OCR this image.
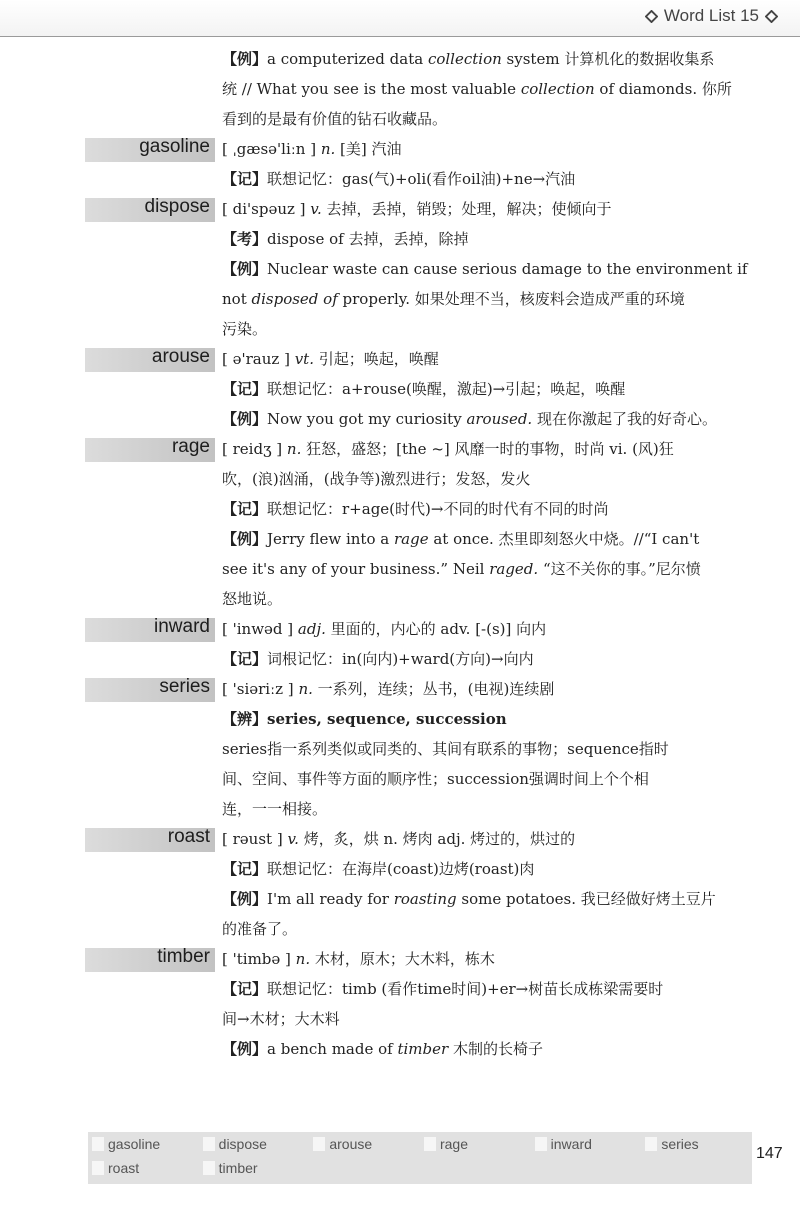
Word List 15
【例】a computerized data collection system 计算机化的数据收集系
统 // What you see is the most valuable collection of diamonds. 你所
看到的是最有价值的钻石收藏品。
gasoline [ ˌgæsə'liːn ] n. [美] 汽油
【记】联想记忆：gas(气)+oli(看作oil油)+ne→汽油
dispose [ di'spəuz ] v. 去掉，丢掉，销毁；处理，解决；使倾向于
【考】dispose of 去掉，丢掉，除掉
【例】Nuclear waste can cause serious damage to the environment if
not disposed of properly. 如果处理不当，核废料会造成严重的环境
污染。
arouse [ ə'rauz ] vt. 引起；唤起，唤醒
【记】联想记忆：a+rouse(唤醒，激起)→引起；唤起，唤醒
【例】Now you got my curiosity aroused. 现在你激起了我的好奇心。
rage [ reidʒ ] n. 狂怒，盛怒；[the ~] 风靡一时的事物，时尚 vi. (风)狂
吹，(浪)汹涌，(战争等)激烈进行；发怒，发火
【记】联想记忆：r+age(时代)→不同的时代有不同的时尚
【例】Jerry flew into a rage at once. 杰里即刻怒火中烧。//“I can't
see it's any of your business.” Neil raged. “这不关你的事。”尼尔愤
怒地说。
inward [ 'inwəd ] adj. 里面的，内心的 adv. [-(s)] 向内
【记】词根记忆：in(向内)+ward(方向)→向内
series [ 'siəriːz ] n. 一系列，连续；丛书，(电视)连续剧
【辨】series, sequence, succession
series指一系列类似或同类的、其间有联系的事物；sequence指时
间、空间、事件等方面的顺序性；succession强调时间上个个相
连，一一相接。
roast [ rəust ] v. 烤，炙，烘 n. 烤肉 adj. 烤过的，烘过的
【记】联想记忆：在海岸(coast)边烤(roast)肉
【例】I'm all ready for roasting some potatoes. 我已经做好烤土豆片
的准备了。
timber [ 'timbə ] n. 木材，原木；大木料，栋木
【记】联想记忆：timb (看作time时间)+er→树苗长成栋梁需要时
间→木材；大木料
【例】a bench made of timber 木制的长椅子
gasoline	dispose	arouse	rage	inward	series
roast	timber
147
